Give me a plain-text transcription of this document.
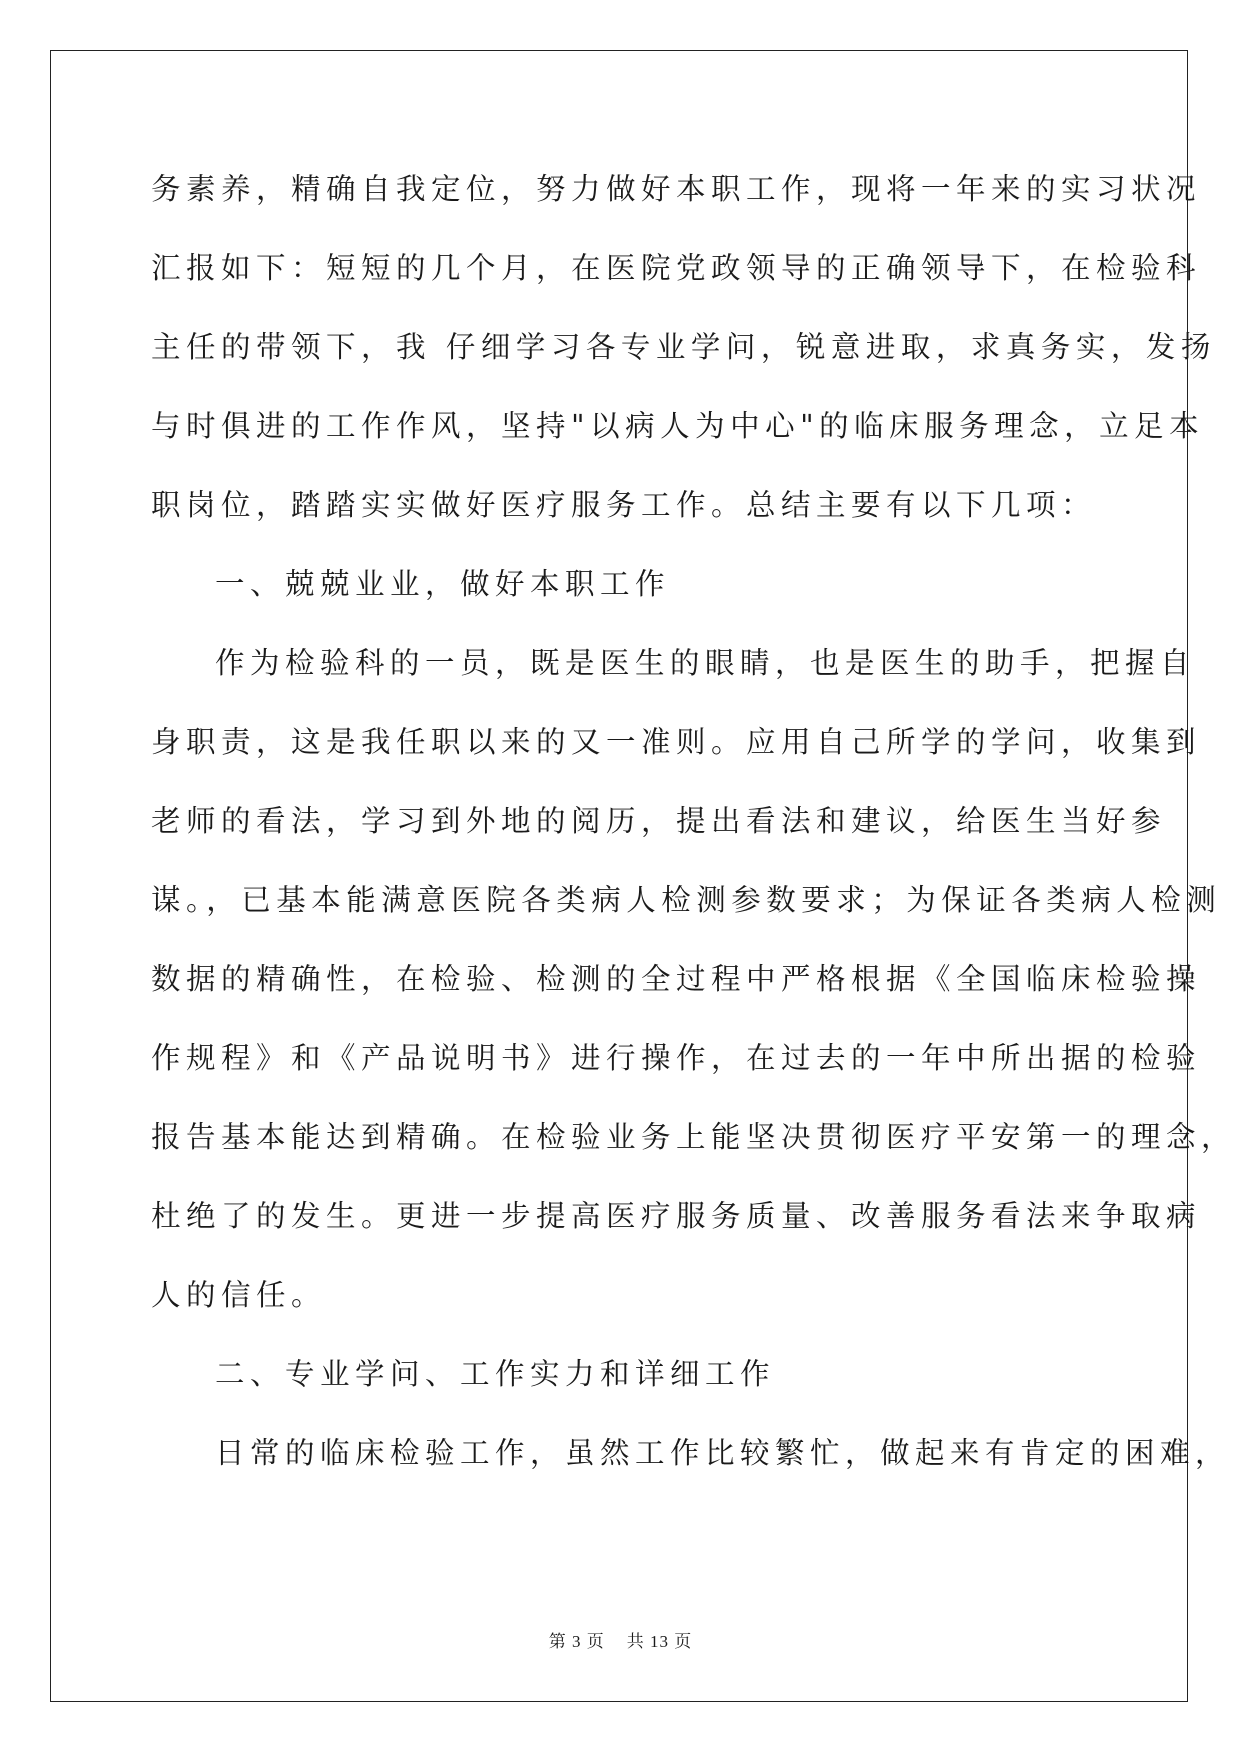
务素养，精确自我定位，努力做好本职工作，现将一年来的实习状况
汇报如下：短短的几个月，在医院党政领导的正确领导下，在检验科
主任的带领下，我 仔细学习各专业学问，锐意进取，求真务实，发扬
与时俱进的工作作风，坚持"以病人为中心"的临床服务理念，立足本
职岗位，踏踏实实做好医疗服务工作。总结主要有以下几项：
一、兢兢业业，做好本职工作
作为检验科的一员，既是医生的眼睛，也是医生的助手，把握自
身职责，这是我任职以来的又一准则。应用自己所学的学问，收集到
老师的看法，学习到外地的阅历，提出看法和建议，给医生当好参
谋。，已基本能满意医院各类病人检测参数要求；为保证各类病人检测
数据的精确性，在检验、检测的全过程中严格根据《全国临床检验操
作规程》和《产品说明书》进行操作，在过去的一年中所出据的检验
报告基本能达到精确。在检验业务上能坚决贯彻医疗平安第一的理念，
杜绝了的发生。更进一步提高医疗服务质量、改善服务看法来争取病
人的信任。
二、专业学问、工作实力和详细工作
日常的临床检验工作，虽然工作比较繁忙，做起来有肯定的困难，
第 3 页 共 13 页
